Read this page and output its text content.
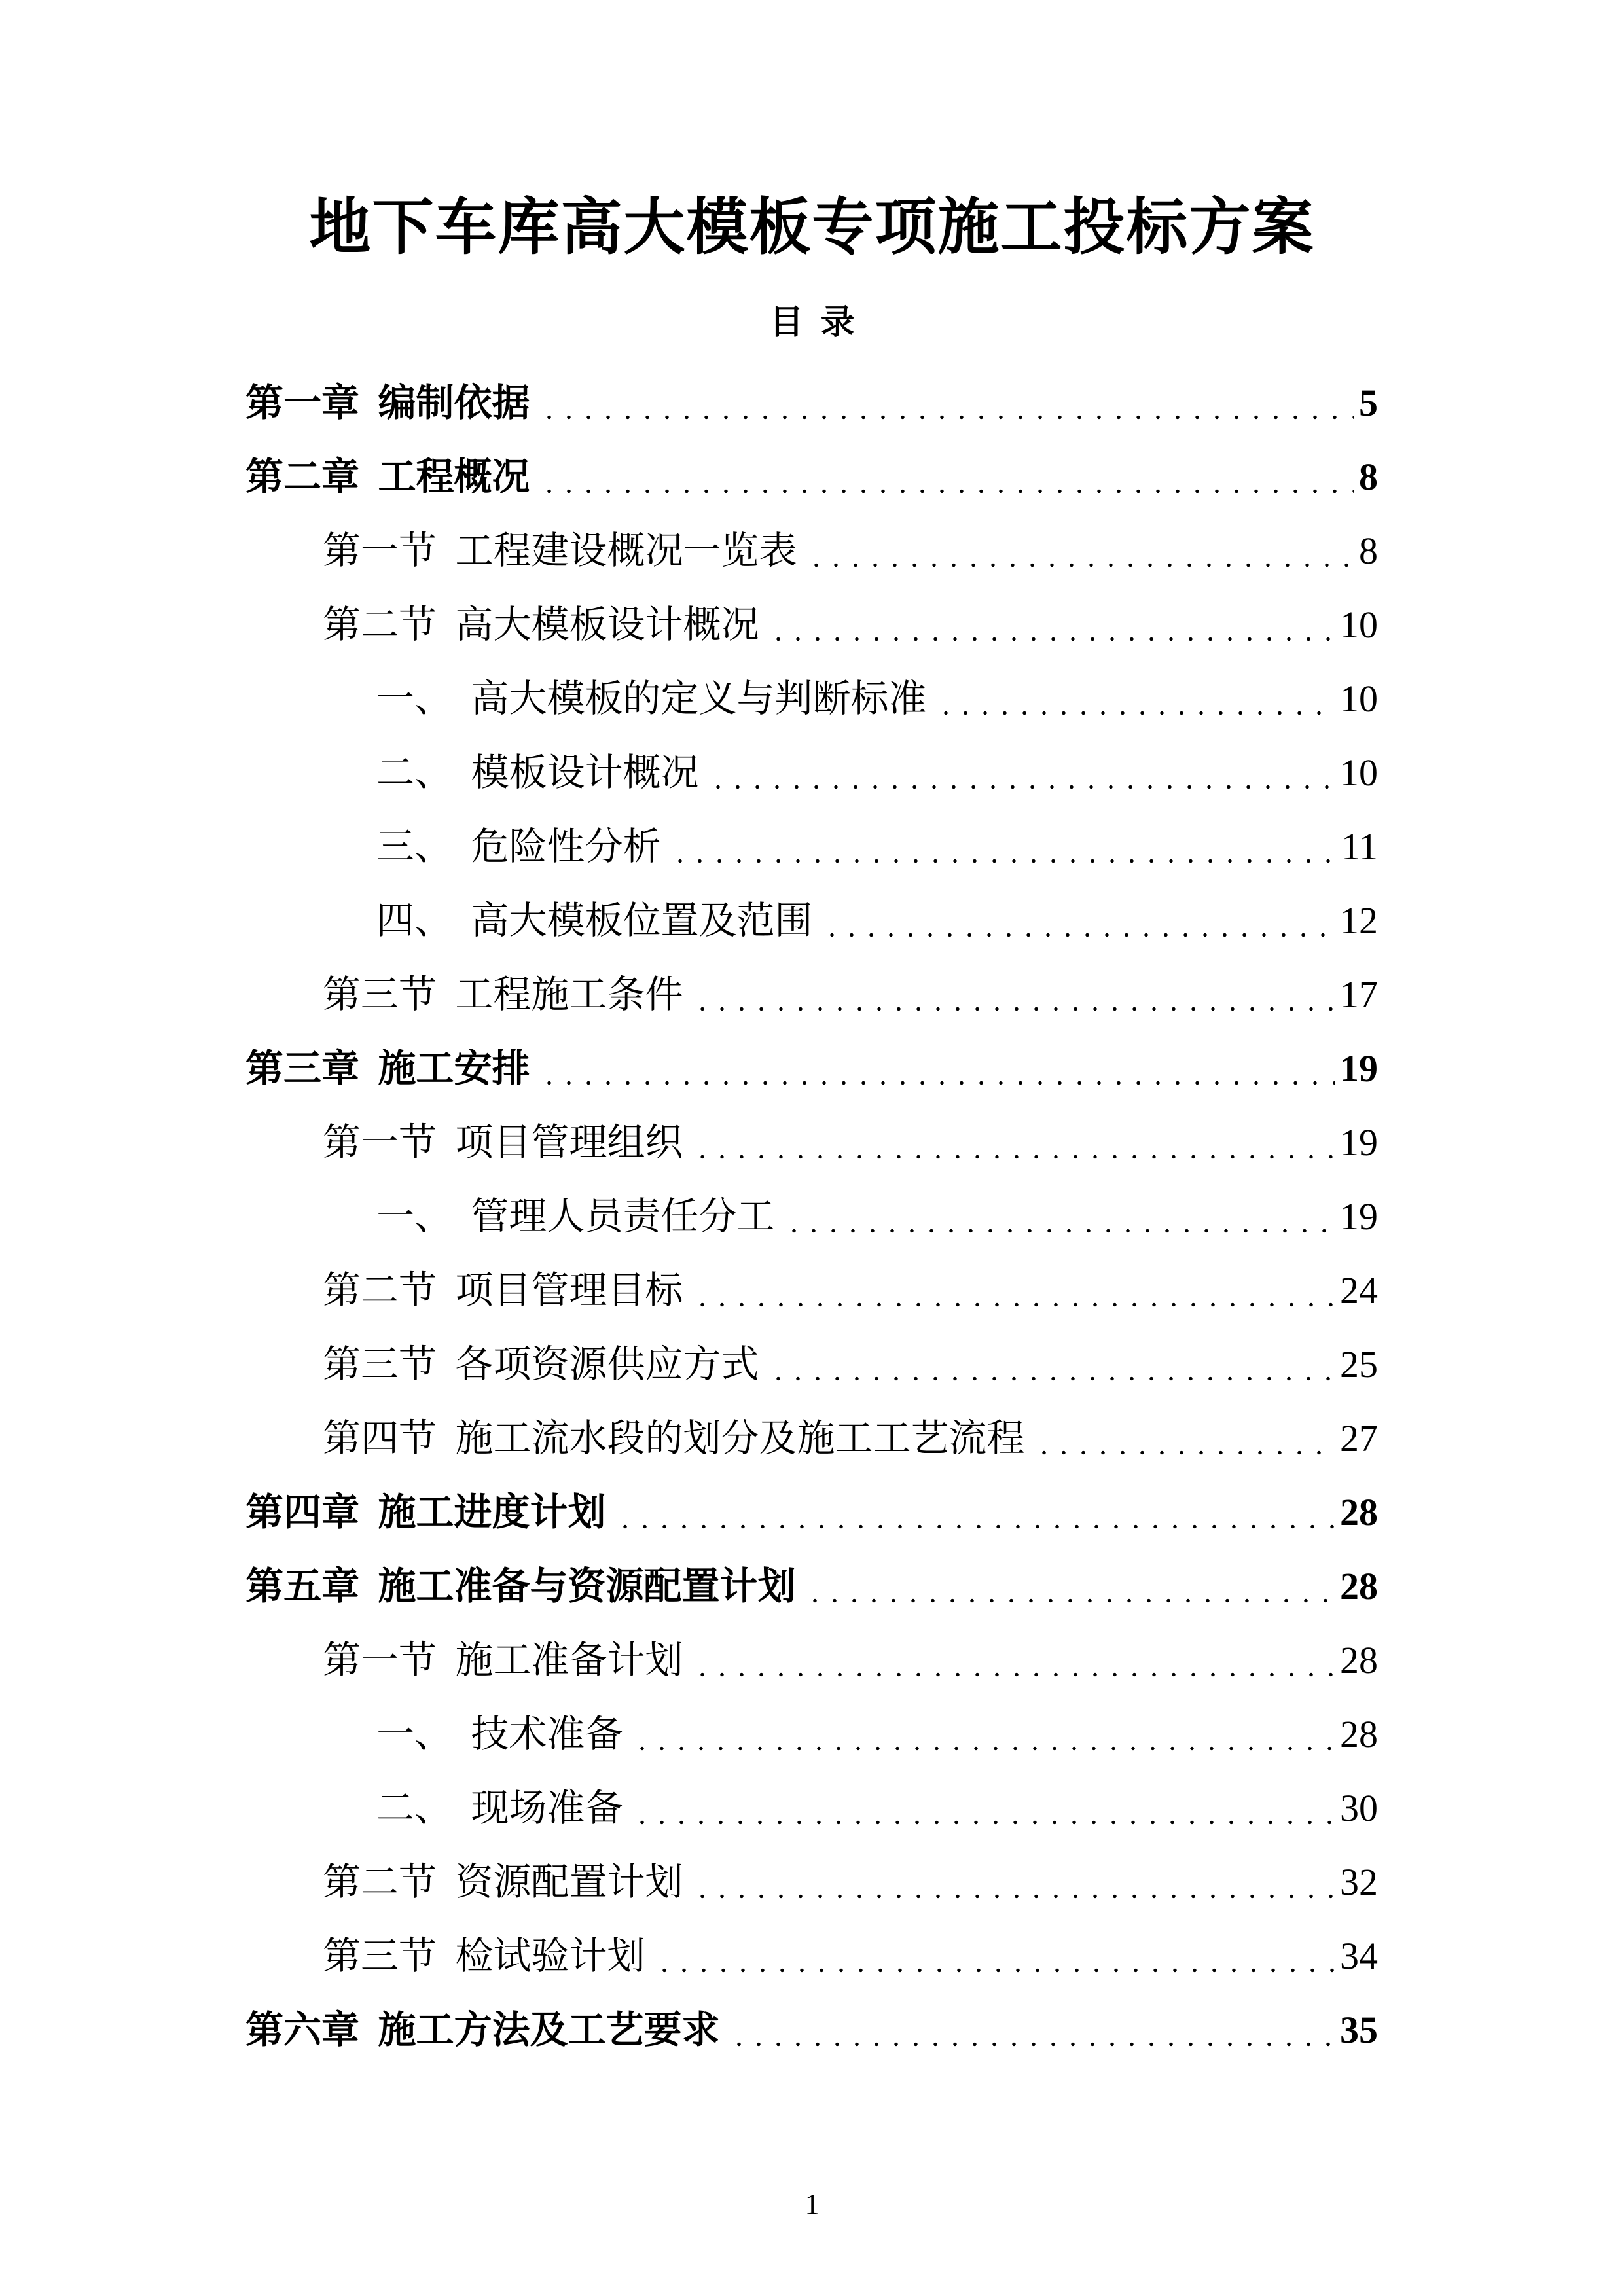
地下车库高大模板专项施工投标方案
目  录
第一章 编制依据	5
第二章 工程概况	8
第一节 工程建设概况一览表	8
第二节 高大模板设计概况	10
一、 高大模板的定义与判断标准	10
二、 模板设计概况	10
三、 危险性分析	11
四、 高大模板位置及范围	12
第三节 工程施工条件	17
第三章 施工安排	19
第一节 项目管理组织	19
一、 管理人员责任分工	19
第二节 项目管理目标	24
第三节 各项资源供应方式	25
第四节 施工流水段的划分及施工工艺流程	27
第四章 施工进度计划	28
第五章 施工准备与资源配置计划	28
第一节 施工准备计划	28
一、 技术准备	28
二、 现场准备	30
第二节 资源配置计划	32
第三节 检试验计划	34
第六章 施工方法及工艺要求	35
1
